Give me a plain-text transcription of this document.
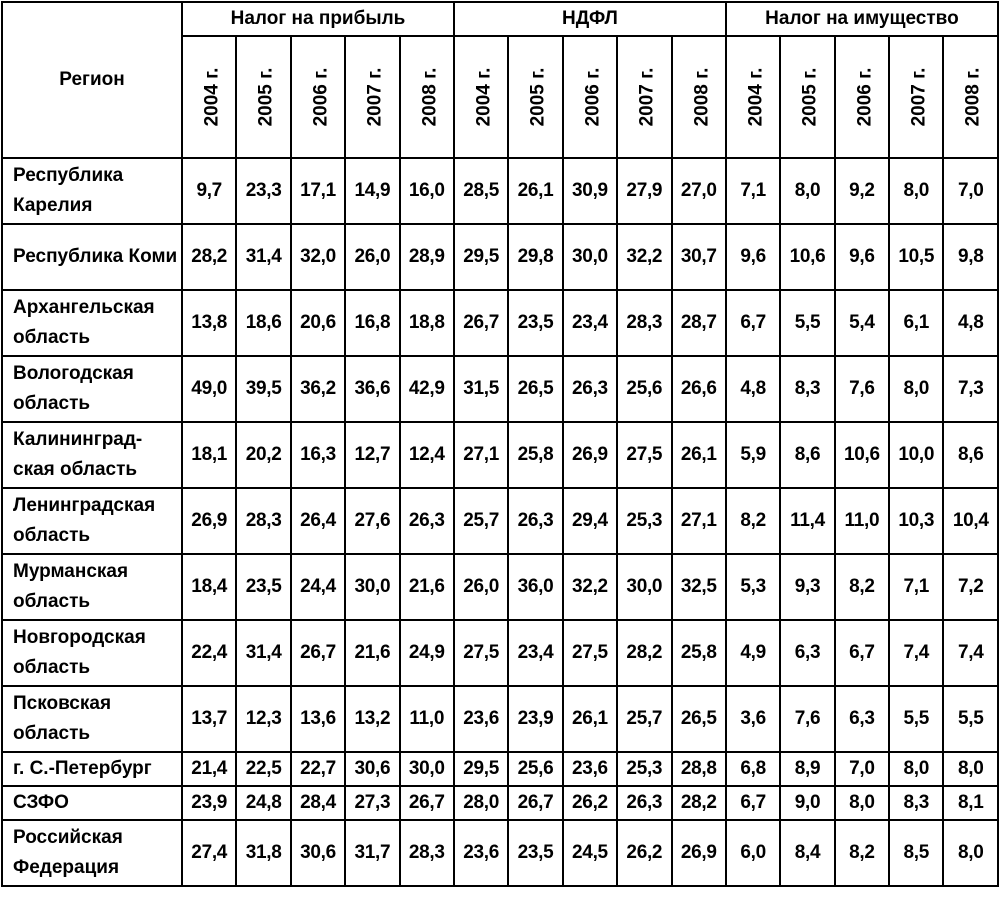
Регион	Налог на прибыль					НДФЛ					Налог на имущество				
	2004 г.	2005 г.	2006 г.	2007 г.	2008 г.	2004 г.	2005 г.	2006 г.	2007 г.	2008 г.	2004 г.	2005 г.	2006 г.	2007 г.	2008 г.
Республика Карелия	9,7	23,3	17,1	14,9	16,0	28,5	26,1	30,9	27,9	27,0	7,1	8,0	9,2	8,0	7,0
Республика Коми	28,2	31,4	32,0	26,0	28,9	29,5	29,8	30,0	32,2	30,7	9,6	10,6	9,6	10,5	9,8
Архангельская область	13,8	18,6	20,6	16,8	18,8	26,7	23,5	23,4	28,3	28,7	6,7	5,5	5,4	6,1	4,8
Вологодская область	49,0	39,5	36,2	36,6	42,9	31,5	26,5	26,3	25,6	26,6	4,8	8,3	7,6	8,0	7,3
Калининград-ская область	18,1	20,2	16,3	12,7	12,4	27,1	25,8	26,9	27,5	26,1	5,9	8,6	10,6	10,0	8,6
Ленинградская область	26,9	28,3	26,4	27,6	26,3	25,7	26,3	29,4	25,3	27,1	8,2	11,4	11,0	10,3	10,4
Мурманская область	18,4	23,5	24,4	30,0	21,6	26,0	36,0	32,2	30,0	32,5	5,3	9,3	8,2	7,1	7,2
Новгородская область	22,4	31,4	26,7	21,6	24,9	27,5	23,4	27,5	28,2	25,8	4,9	6,3	6,7	7,4	7,4
Псковская область	13,7	12,3	13,6	13,2	11,0	23,6	23,9	26,1	25,7	26,5	3,6	7,6	6,3	5,5	5,5
г. С.-Петербург	21,4	22,5	22,7	30,6	30,0	29,5	25,6	23,6	25,3	28,8	6,8	8,9	7,0	8,0	8,0
СЗФО	23,9	24,8	28,4	27,3	26,7	28,0	26,7	26,2	26,3	28,2	6,7	9,0	8,0	8,3	8,1
Российская Федерация	27,4	31,8	30,6	31,7	28,3	23,6	23,5	24,5	26,2	26,9	6,0	8,4	8,2	8,5	8,0
